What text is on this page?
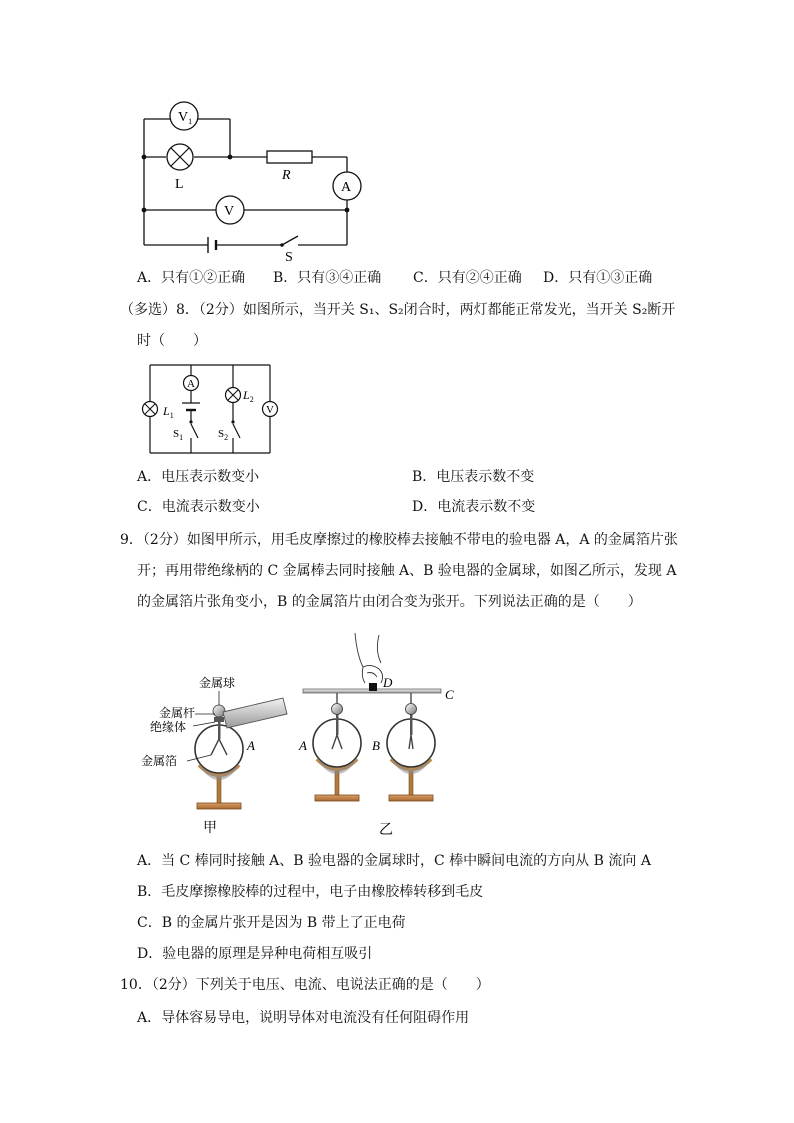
$V_1$
L
R
A
V
S
A．只有①②正确 B．只有③④正确 C．只有②④正确 D．只有①③正确
（多选）8．（2分）如图所示，当开关 S₁、S₂闭合时，两灯都能正常发光，当开关 S₂断开
时（　　）
A
$L_1$
$S_1$
$L_2$
$S_2$
V
A．电压表示数变小	B．电压表示数不变
C．电流表示数变小	D．电流表示数不变
9．（2分）如图甲所示，用毛皮摩擦过的橡胶棒去接触不带电的验电器 A，A 的金属箔片张
开；再用带绝缘柄的 C 金属棒去同时接触 A、B 验电器的金属球，如图乙所示，发现 A
的金属箔片张角变小，B 的金属箔片由闭合变为张开。下列说法正确的是（　　）
金属球
金属杆
绝缘体
金属箔
A
甲
C
D
A	B
乙
A．当 C 棒同时接触 A、B 验电器的金属球时，C 棒中瞬间电流的方向从 B 流向 A
B．毛皮摩擦橡胶棒的过程中，电子由橡胶棒转移到毛皮
C．B 的金属片张开是因为 B 带上了正电荷
D．验电器的原理是异种电荷相互吸引
10．（2分）下列关于电压、电流、电说法正确的是（　　）
A．导体容易导电，说明导体对电流没有任何阻碍作用
